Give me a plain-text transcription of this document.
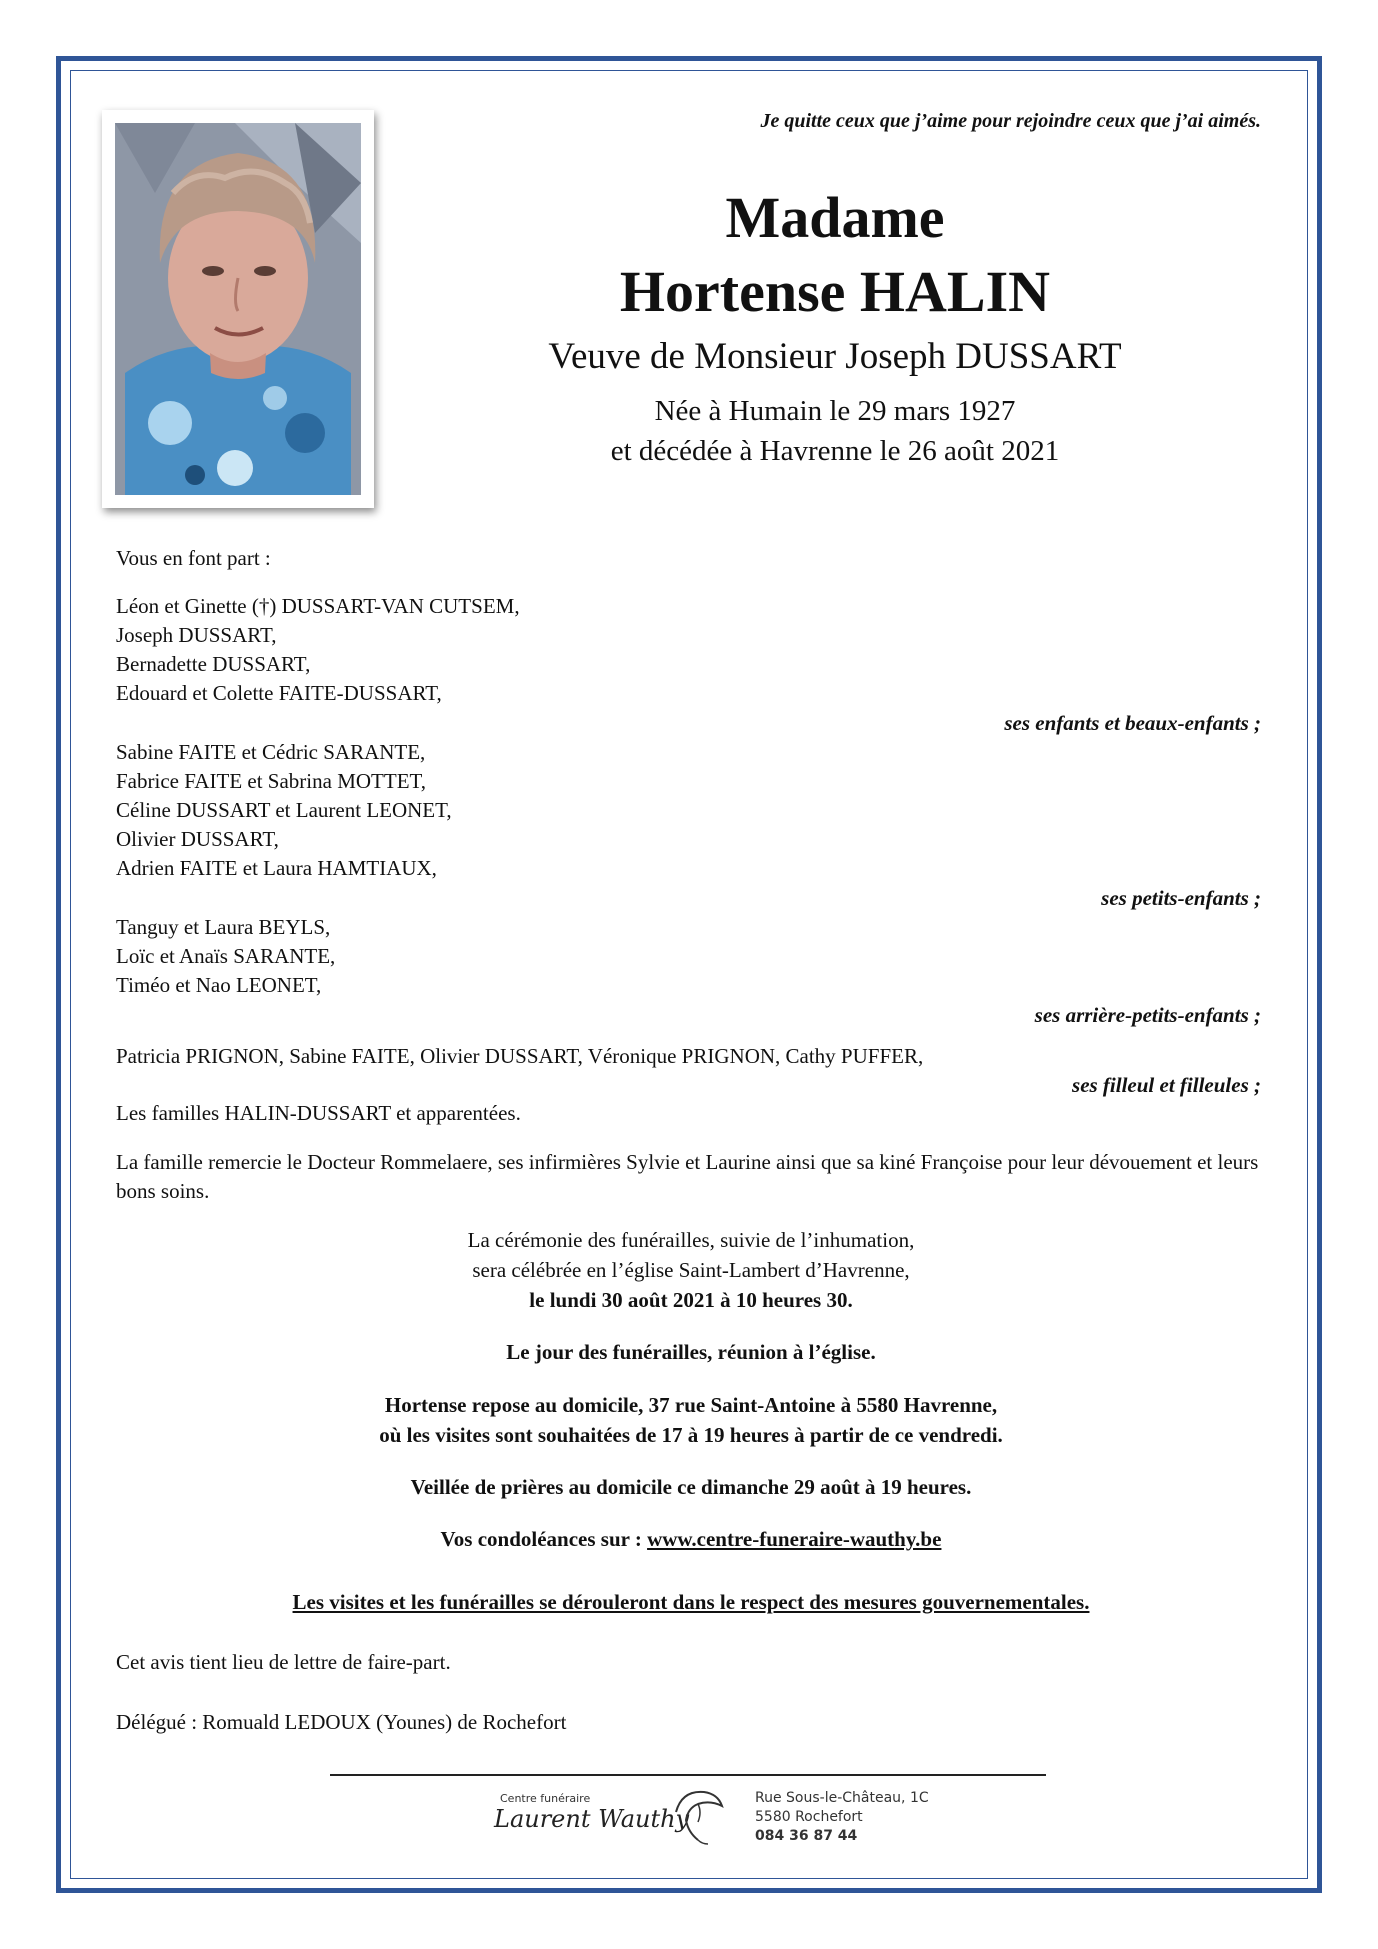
Je quitte ceux que j’aime pour rejoindre ceux que j’ai aimés.
Madame
Hortense HALIN
Veuve de Monsieur Joseph DUSSART
Née à Humain le 29 mars 1927
et décédée à Havrenne le 26 août 2021
Vous en font part :
Léon et Ginette (†) DUSSART-VAN CUTSEM,
Joseph DUSSART,
Bernadette DUSSART,
Edouard et Colette FAITE-DUSSART,
ses enfants et beaux-enfants ;
Sabine FAITE et Cédric SARANTE,
Fabrice FAITE et Sabrina MOTTET,
Céline DUSSART et Laurent LEONET,
Olivier DUSSART,
Adrien FAITE et Laura HAMTIAUX,
ses petits-enfants ;
Tanguy et Laura BEYLS,
Loïc et Anaïs SARANTE,
Timéo et Nao LEONET,
ses arrière-petits-enfants ;
Patricia PRIGNON, Sabine FAITE, Olivier DUSSART, Véronique PRIGNON, Cathy PUFFER,
ses filleul et filleules ;
Les familles HALIN-DUSSART et apparentées.
La famille remercie le Docteur Rommelaere, ses infirmières Sylvie et Laurine ainsi que sa kiné Françoise pour leur dévouement et leurs bons soins.
La cérémonie des funérailles, suivie de l’inhumation,
sera célébrée en l’église Saint-Lambert d’Havrenne,
le lundi 30 août 2021 à 10 heures 30.
Le jour des funérailles, réunion à l’église.
Hortense repose au domicile, 37 rue Saint-Antoine à 5580 Havrenne,
où les visites sont souhaitées de 17 à 19 heures à partir de ce vendredi.
Veillée de prières au domicile ce dimanche 29 août à 19 heures.
Vos condoléances sur : www.centre-funeraire-wauthy.be
Les visites et les funérailles se dérouleront dans le respect des mesures gouvernementales.
Cet avis tient lieu de lettre de faire-part.
Délégué : Romuald LEDOUX (Younes) de Rochefort
Centre funéraire
Laurent Wauthy
Rue Sous-le-Château, 1C
5580 Rochefort
084 36 87 44
